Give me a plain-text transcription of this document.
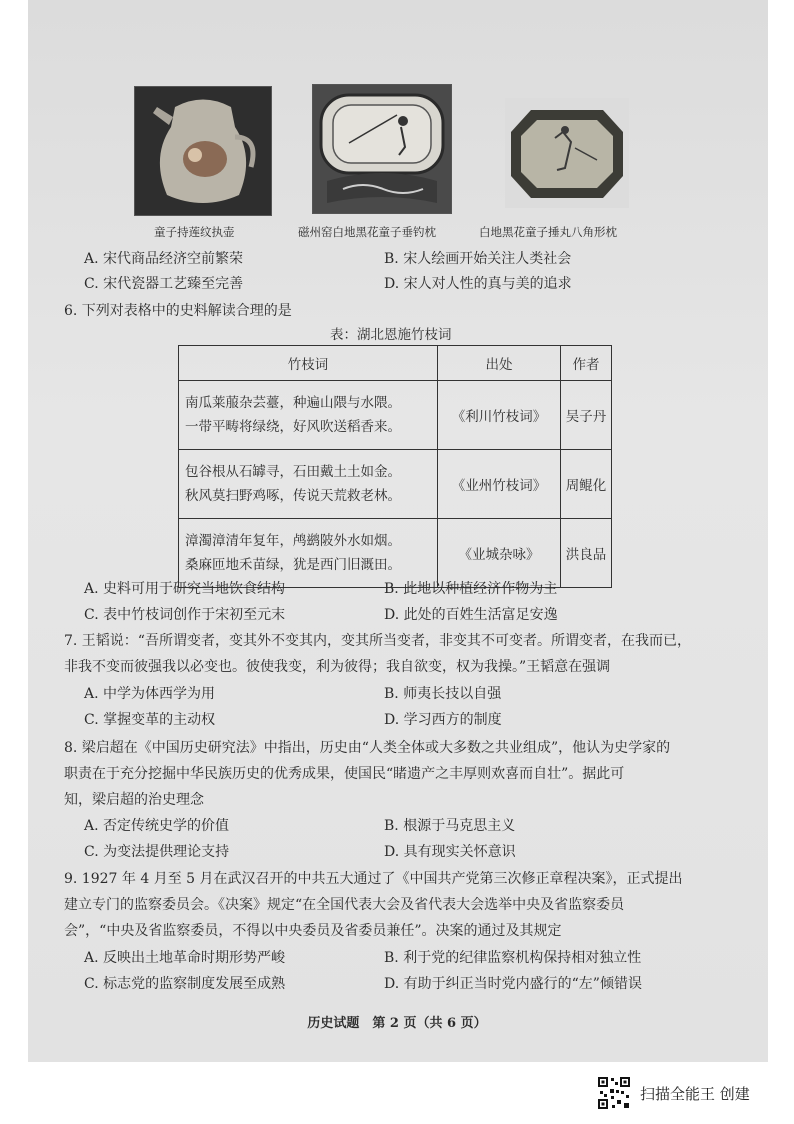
童子持莲纹执壶	磁州窑白地黑花童子垂钓枕	白地黑花童子捶丸八角形枕
A. 宋代商品经济空前繁荣	B. 宋人绘画开始关注人类社会
C. 宋代瓷器工艺臻至完善	D. 宋人对人性的真与美的追求
6. 下列对表格中的史料解读合理的是
表：湖北恩施竹枝词
竹枝词	出处	作者

南瓜莱菔杂芸薹，种遍山隈与水隈。
一带平畴将绿绕，好风吹送稻香来。	《利川竹枝词》	吴子丹

包谷根从石罅寻，石田戴土土如金。
秋风莫扫野鸡啄，传说天荒救老林。	《业州竹枝词》	周鲲化

漳濁漳清年复年，鸬鹚陂外水如烟。
桑麻匝地禾苗绿，犹是西门旧溉田。	《业城杂咏》	洪良品
A. 史料可用于研究当地饮食结构	B. 此地以种植经济作物为主
C. 表中竹枝词创作于宋初至元末	D. 此处的百姓生活富足安逸
7. 王韬说：“吾所谓变者，变其外不变其内，变其所当变者，非变其不可变者。所谓变者，在我而已，
非我不变而彼强我以必变也。彼使我变，利为彼得；我自欲变，权为我操。”王韬意在强调
A. 中学为体西学为用	B. 师夷长技以自强
C. 掌握变革的主动权	D. 学习西方的制度
8. 梁启超在《中国历史研究法》中指出，历史由“人类全体或大多数之共业组成”，他认为史学家的
职责在于充分挖掘中华民族历史的优秀成果，使国民“睹遗产之丰厚则欢喜而自壮”。据此可
知，梁启超的治史理念
A. 否定传统史学的价值	B. 根源于马克思主义
C. 为变法提供理论支持	D. 具有现实关怀意识
9. 1927 年 4 月至 5 月在武汉召开的中共五大通过了《中国共产党第三次修正章程决案》，正式提出
建立专门的监察委员会。《决案》规定“在全国代表大会及省代表大会选举中央及省监察委员
会”，“中央及省监察委员，不得以中央委员及省委员兼任”。决案的通过及其规定
A. 反映出土地革命时期形势严峻	B. 利于党的纪律监察机构保持相对独立性
C. 标志党的监察制度发展至成熟	D. 有助于纠正当时党内盛行的“左”倾错误
历史试题　第 2 页（共 6 页）
扫描全能王 创建
